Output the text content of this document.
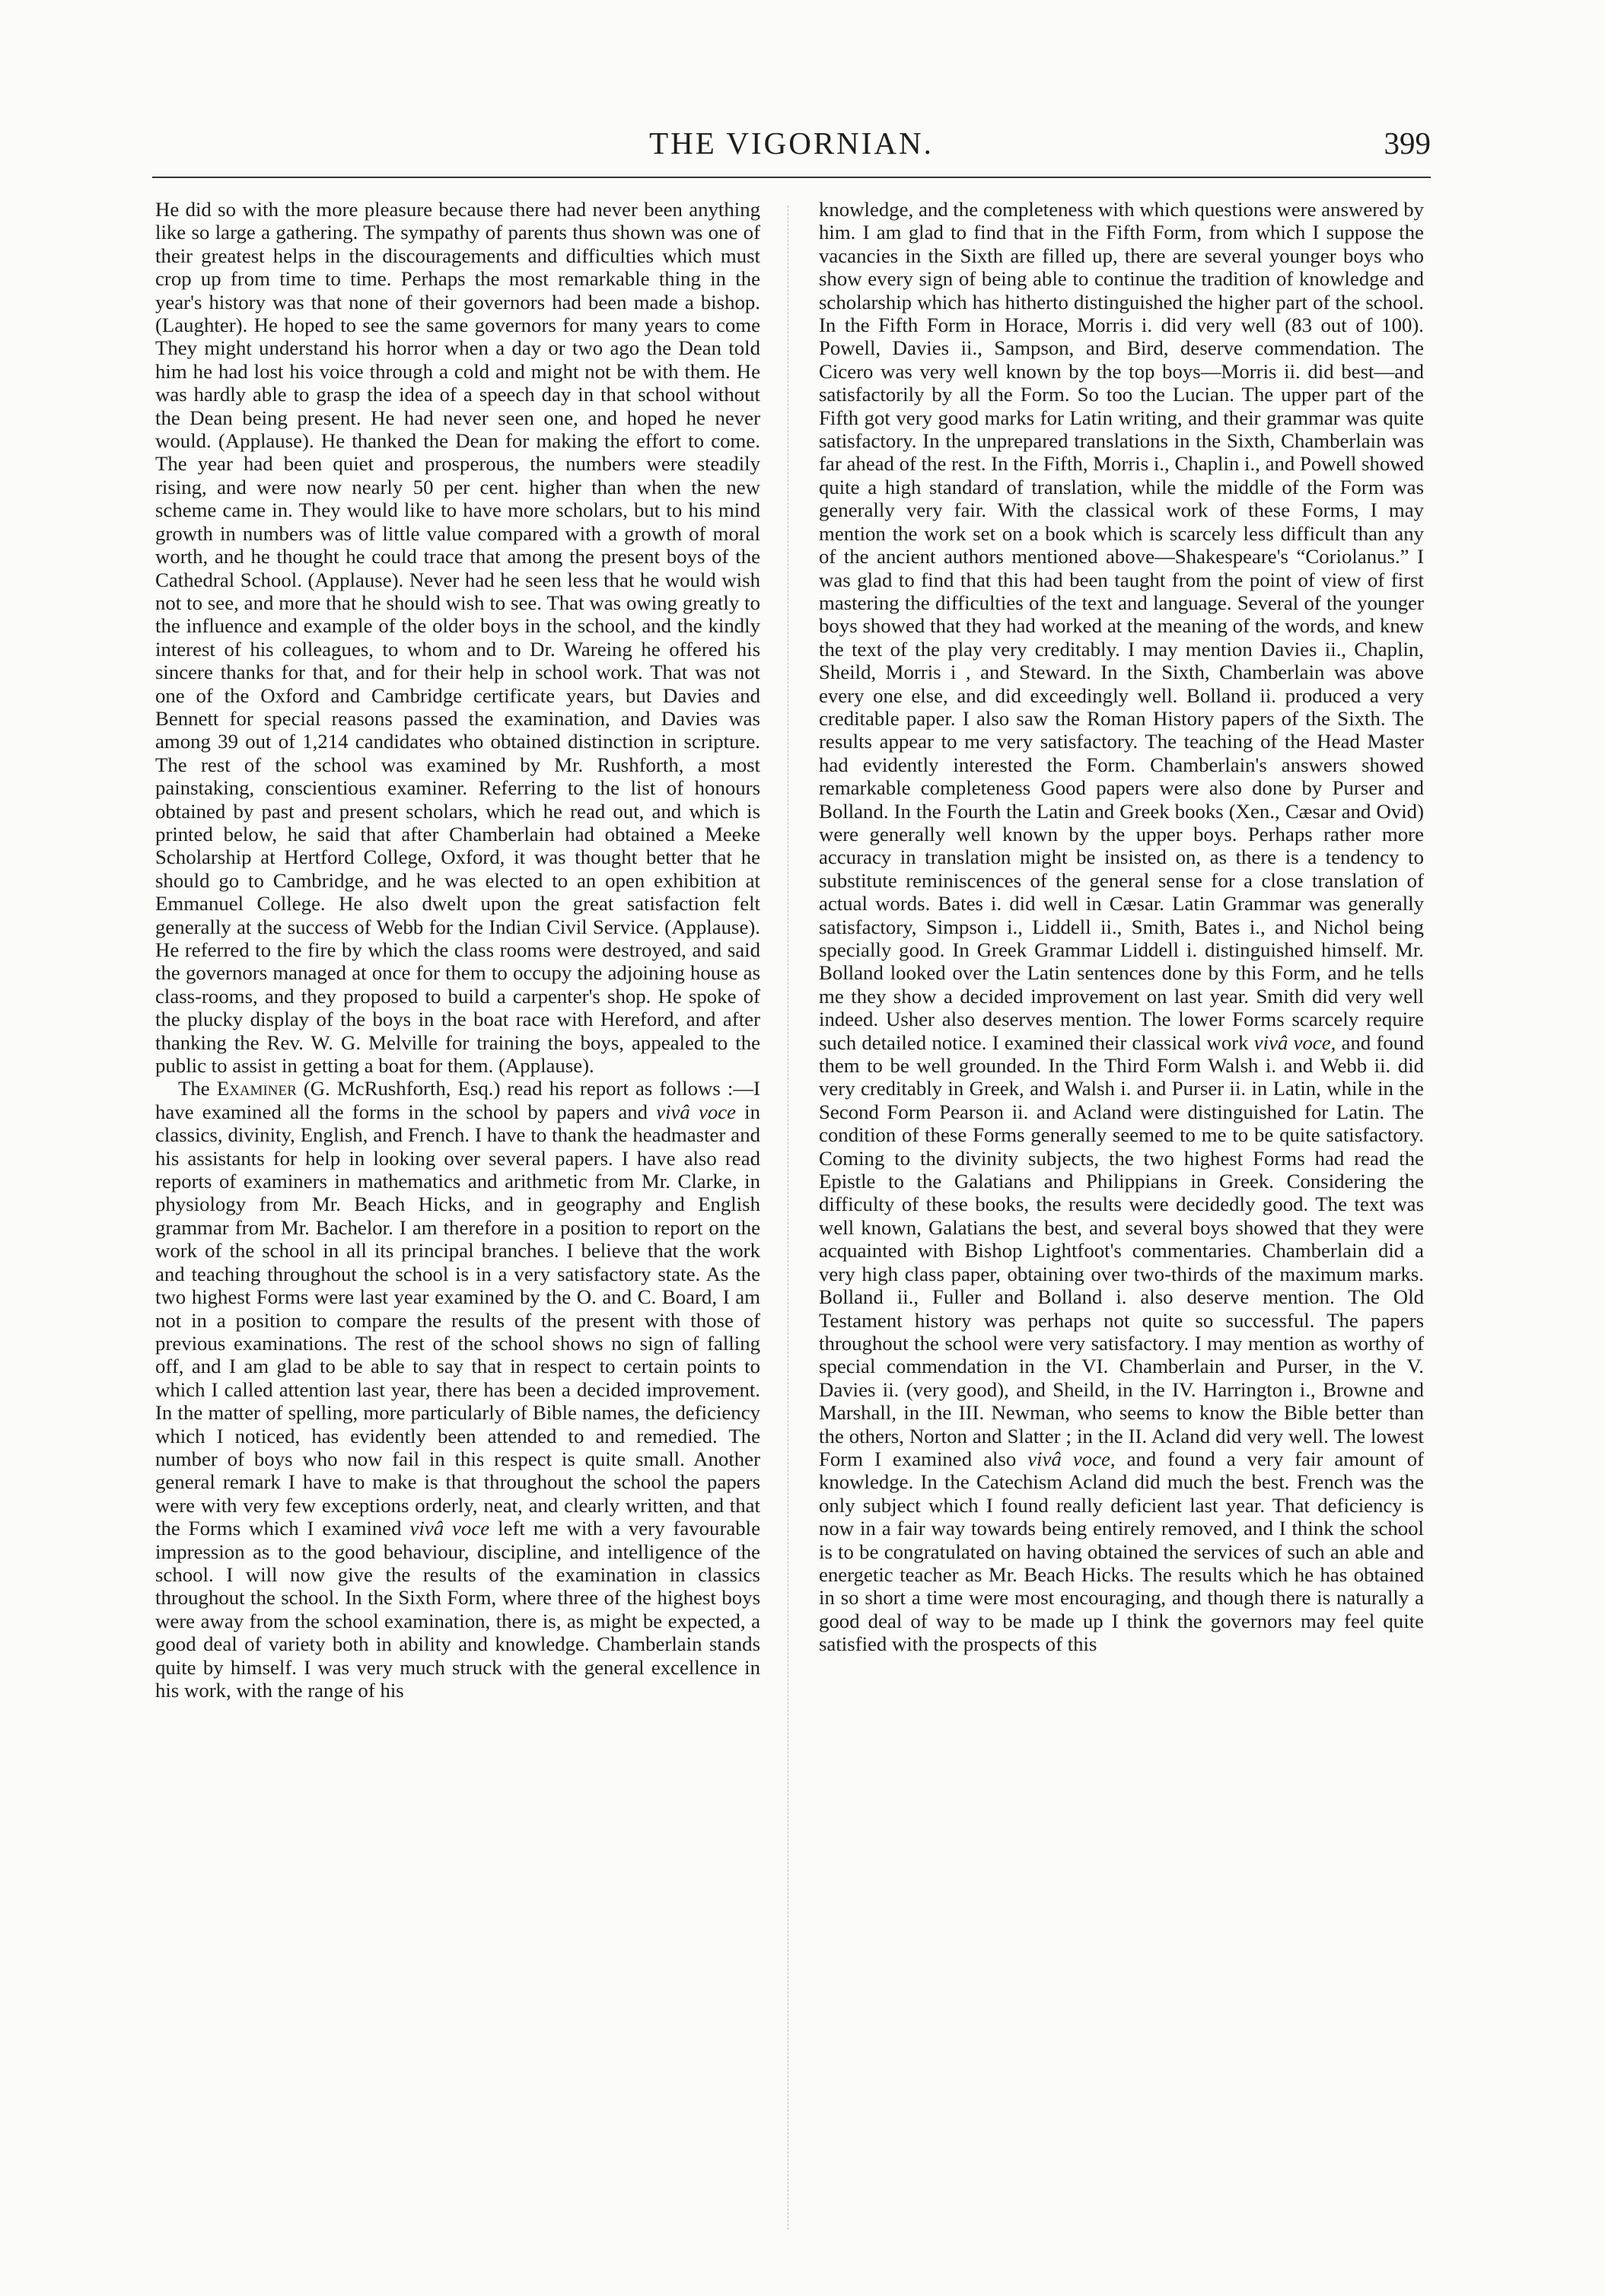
THE VIGORNIAN.	399

He did so with the more pleasure because there had never been anything like so large a gathering. The sympathy of parents thus shown was one of their greatest helps in the discouragements and difficulties which must crop up from time to time. Perhaps the most remarkable thing in the year's history was that none of their governors had been made a bishop. (Laughter). He hoped to see the same governors for many years to come They might understand his horror when a day or two ago the Dean told him he had lost his voice through a cold and might not be with them. He was hardly able to grasp the idea of a speech day in that school without the Dean being present. He had never seen one, and hoped he never would. (Applause). He thanked the Dean for making the effort to come. The year had been quiet and prosperous, the numbers were steadily rising, and were now nearly 50 per cent. higher than when the new scheme came in. They would like to have more scholars, but to his mind growth in numbers was of little value compared with a growth of moral worth, and he thought he could trace that among the present boys of the Cathedral School. (Applause). Never had he seen less that he would wish not to see, and more that he should wish to see. That was owing greatly to the influence and example of the older boys in the school, and the kindly interest of his colleagues, to whom and to Dr. Wareing he offered his sincere thanks for that, and for their help in school work. That was not one of the Oxford and Cambridge certificate years, but Davies and Bennett for special reasons passed the examination, and Davies was among 39 out of 1,214 candidates who obtained distinction in scripture. The rest of the school was examined by Mr. Rushforth, a most painstaking, conscientious examiner. Referring to the list of honours obtained by past and present scholars, which he read out, and which is printed below, he said that after Chamberlain had obtained a Meeke Scholarship at Hertford College, Oxford, it was thought better that he should go to Cambridge, and he was elected to an open exhibition at Emmanuel College. He also dwelt upon the great satisfaction felt generally at the success of Webb for the Indian Civil Service. (Applause). He referred to the fire by which the class rooms were destroyed, and said the governors managed at once for them to occupy the adjoining house as class-rooms, and they proposed to build a carpenter's shop. He spoke of the plucky display of the boys in the boat race with Hereford, and after thanking the Rev. W. G. Melville for training the boys, appealed to the public to assist in getting a boat for them. (Applause).

The Examiner (G. McRushforth, Esq.) read his report as follows :—I have examined all the forms in the school by papers and vivâ voce in classics, divinity, English, and French. I have to thank the headmaster and his assistants for help in looking over several papers. I have also read reports of examiners in mathematics and arithmetic from Mr. Clarke, in physiology from Mr. Beach Hicks, and in geography and English grammar from Mr. Bachelor. I am therefore in a position to report on the work of the school in all its principal branches. I believe that the work and teaching throughout the school is in a very satisfactory state. As the two highest Forms were last year examined by the O. and C. Board, I am not in a position to compare the results of the present with those of previous examinations. The rest of the school shows no sign of falling off, and I am glad to be able to say that in respect to certain points to which I called attention last year, there has been a decided improvement. In the matter of spelling, more particularly of Bible names, the deficiency which I noticed, has evidently been attended to and remedied. The number of boys who now fail in this respect is quite small. Another general remark I have to make is that throughout the school the papers were with very few exceptions orderly, neat, and clearly written, and that the Forms which I examined vivâ voce left me with a very favourable impression as to the good behaviour, discipline, and intelligence of the school. I will now give the results of the examination in classics throughout the school. In the Sixth Form, where three of the highest boys were away from the school examination, there is, as might be expected, a good deal of variety both in ability and knowledge. Chamberlain stands quite by himself. I was very much struck with the general excellence in his work, with the range of his

knowledge, and the completeness with which questions were answered by him. I am glad to find that in the Fifth Form, from which I suppose the vacancies in the Sixth are filled up, there are several younger boys who show every sign of being able to continue the tradition of knowledge and scholarship which has hitherto distinguished the higher part of the school. In the Fifth Form in Horace, Morris i. did very well (83 out of 100). Powell, Davies ii., Sampson, and Bird, deserve commendation. The Cicero was very well known by the top boys—Morris ii. did best—and satisfactorily by all the Form. So too the Lucian. The upper part of the Fifth got very good marks for Latin writing, and their grammar was quite satisfactory. In the unprepared translations in the Sixth, Chamberlain was far ahead of the rest. In the Fifth, Morris i., Chaplin i., and Powell showed quite a high standard of translation, while the middle of the Form was generally very fair. With the classical work of these Forms, I may mention the work set on a book which is scarcely less difficult than any of the ancient authors mentioned above—Shakespeare's “Coriolanus.” I was glad to find that this had been taught from the point of view of first mastering the difficulties of the text and language. Several of the younger boys showed that they had worked at the meaning of the words, and knew the text of the play very creditably. I may mention Davies ii., Chaplin, Sheild, Morris i , and Steward. In the Sixth, Chamberlain was above every one else, and did exceedingly well. Bolland ii. produced a very creditable paper. I also saw the Roman History papers of the Sixth. The results appear to me very satisfactory. The teaching of the Head Master had evidently interested the Form. Chamberlain's answers showed remarkable completeness Good papers were also done by Purser and Bolland. In the Fourth the Latin and Greek books (Xen., Cæsar and Ovid) were generally well known by the upper boys. Perhaps rather more accuracy in translation might be insisted on, as there is a tendency to substitute reminiscences of the general sense for a close translation of actual words. Bates i. did well in Cæsar. Latin Grammar was generally satisfactory, Simpson i., Liddell ii., Smith, Bates i., and Nichol being specially good. In Greek Grammar Liddell i. distinguished himself. Mr. Bolland looked over the Latin sentences done by this Form, and he tells me they show a decided improvement on last year. Smith did very well indeed. Usher also deserves mention. The lower Forms scarcely require such detailed notice. I examined their classical work vivâ voce, and found them to be well grounded. In the Third Form Walsh i. and Webb ii. did very creditably in Greek, and Walsh i. and Purser ii. in Latin, while in the Second Form Pearson ii. and Acland were distinguished for Latin. The condition of these Forms generally seemed to me to be quite satisfactory. Coming to the divinity subjects, the two highest Forms had read the Epistle to the Galatians and Philippians in Greek. Considering the difficulty of these books, the results were decidedly good. The text was well known, Galatians the best, and several boys showed that they were acquainted with Bishop Lightfoot's commentaries. Chamberlain did a very high class paper, obtaining over two-thirds of the maximum marks. Bolland ii., Fuller and Bolland i. also deserve mention. The Old Testament history was perhaps not quite so successful. The papers throughout the school were very satisfactory. I may mention as worthy of special commendation in the VI. Chamberlain and Purser, in the V. Davies ii. (very good), and Sheild, in the IV. Harrington i., Browne and Marshall, in the III. Newman, who seems to know the Bible better than the others, Norton and Slatter ; in the II. Acland did very well. The lowest Form I examined also vivâ voce, and found a very fair amount of knowledge. In the Catechism Acland did much the best. French was the only subject which I found really deficient last year. That deficiency is now in a fair way towards being entirely removed, and I think the school is to be congratulated on having obtained the services of such an able and energetic teacher as Mr. Beach Hicks. The results which he has obtained in so short a time were most encouraging, and though there is naturally a good deal of way to be made up I think the governors may feel quite satisfied with the prospects of this
